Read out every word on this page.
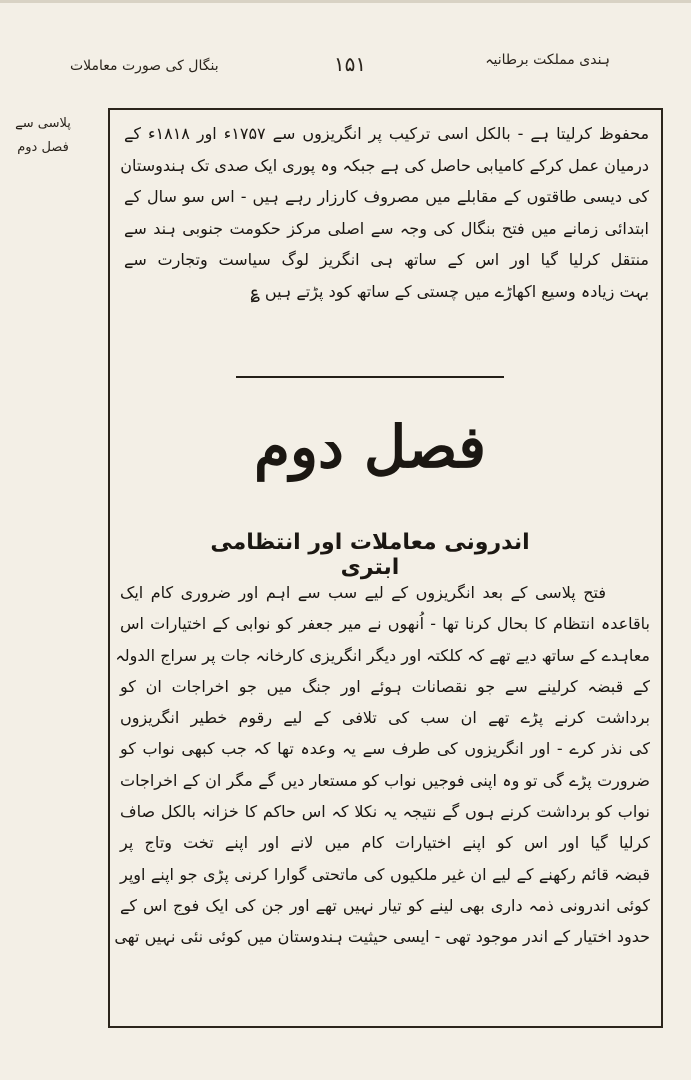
ہندی مملکت برطانیہ
۱۵۱
بنگال کی صورت معاملات
پلاسی سے
فصل دوم
محفوظ کرلیتا ہے - بالکل اسی ترکیب پر انگریزوں سے ۱۷۵۷ء اور ۱۸۱۸ء کے
درمیان عمل کرکے کامیابی حاصل کی ہے جبکہ وہ پوری ایک صدی تک ہندوستان
کی دیسی طاقتوں کے مقابلے میں مصروف کارزار رہے ہیں - اس سو سال کے
ابتدائی زمانے میں فتح بنگال کی وجہ سے اصلی مرکز حکومت جنوبی ہند سے
منتقل کرلیا گیا اور اس کے ساتھ ہی انگریز لوگ سیاست وتجارت سے
بہت زیادہ وسیع اکھاڑے میں چستی کے ساتھ کود پڑتے ہیں ؏
فصل دوم
اندرونی معاملات اور انتظامی ابتری
فتح پلاسی کے بعد انگریزوں کے لیے سب سے اہم اور ضروری کام ایک
باقاعدہ انتظام کا بحال کرنا تھا - اُنھوں نے میر جعفر کو نوابی کے اختیارات اس
معاہدے کے ساتھ دیے تھے کہ کلکتہ اور دیگر انگریزی کارخانہ جات پر سراج الدولہ
کے قبضہ کرلینے سے جو نقصانات ہوئے اور جنگ میں جو اخراجات ان کو
برداشت کرنے پڑے تھے ان سب کی تلافی کے لیے رقوم خطیر انگریزوں
کی نذر کرے - اور انگریزوں کی طرف سے یہ وعدہ تھا کہ جب کبھی نواب کو
ضرورت پڑے گی تو وہ اپنی فوجیں نواب کو مستعار دیں گے مگر ان کے اخراجات
نواب کو برداشت کرنے ہوں گے نتیجہ یہ نکلا کہ اس حاکم کا خزانہ بالکل صاف
کرلیا گیا اور اس کو اپنے اختیارات کام میں لانے اور اپنے تخت وتاج پر
قبضہ قائم رکھنے کے لیے ان غیر ملکیوں کی ماتحتی گوارا کرنی پڑی جو اپنے اوپر
کوئی اندرونی ذمہ داری بھی لینے کو تیار نہیں تھے اور جن کی ایک فوج اس کے
حدود اختیار کے اندر موجود تھی - ایسی حیثیت ہندوستان میں کوئی نئی نہیں تھی
